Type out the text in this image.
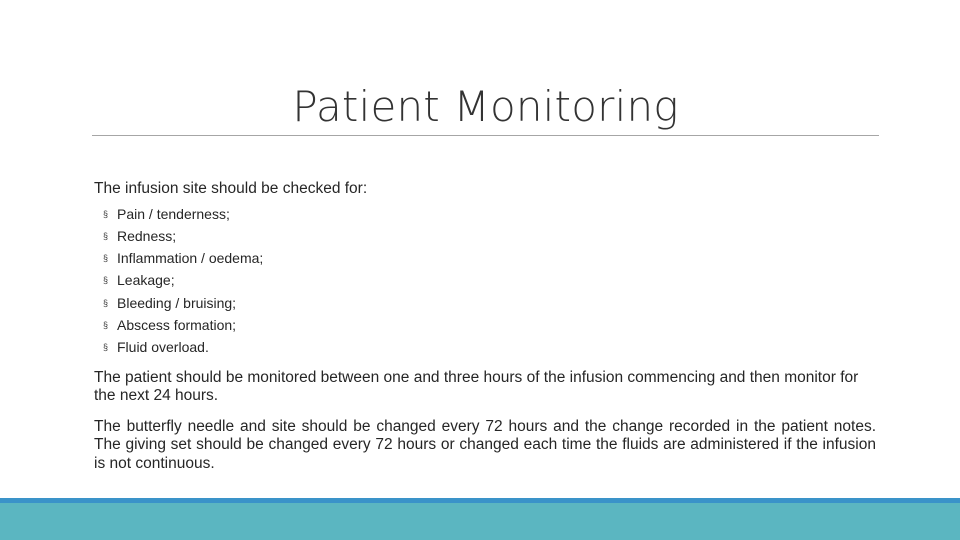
Patient Monitoring

The infusion site should be checked for:

§ Pain / tenderness;
§ Redness;
§ Inflammation / oedema;
§ Leakage;
§ Bleeding / bruising;
§ Abscess formation;
§ Fluid overload.

The patient should be monitored between one and three hours of the infusion commencing and then monitor for the next 24 hours.

The butterfly needle and site should be changed every 72 hours and the change recorded in the patient notes. The giving set should be changed every 72 hours or changed each time the fluids are administered if the infusion is not continuous.
